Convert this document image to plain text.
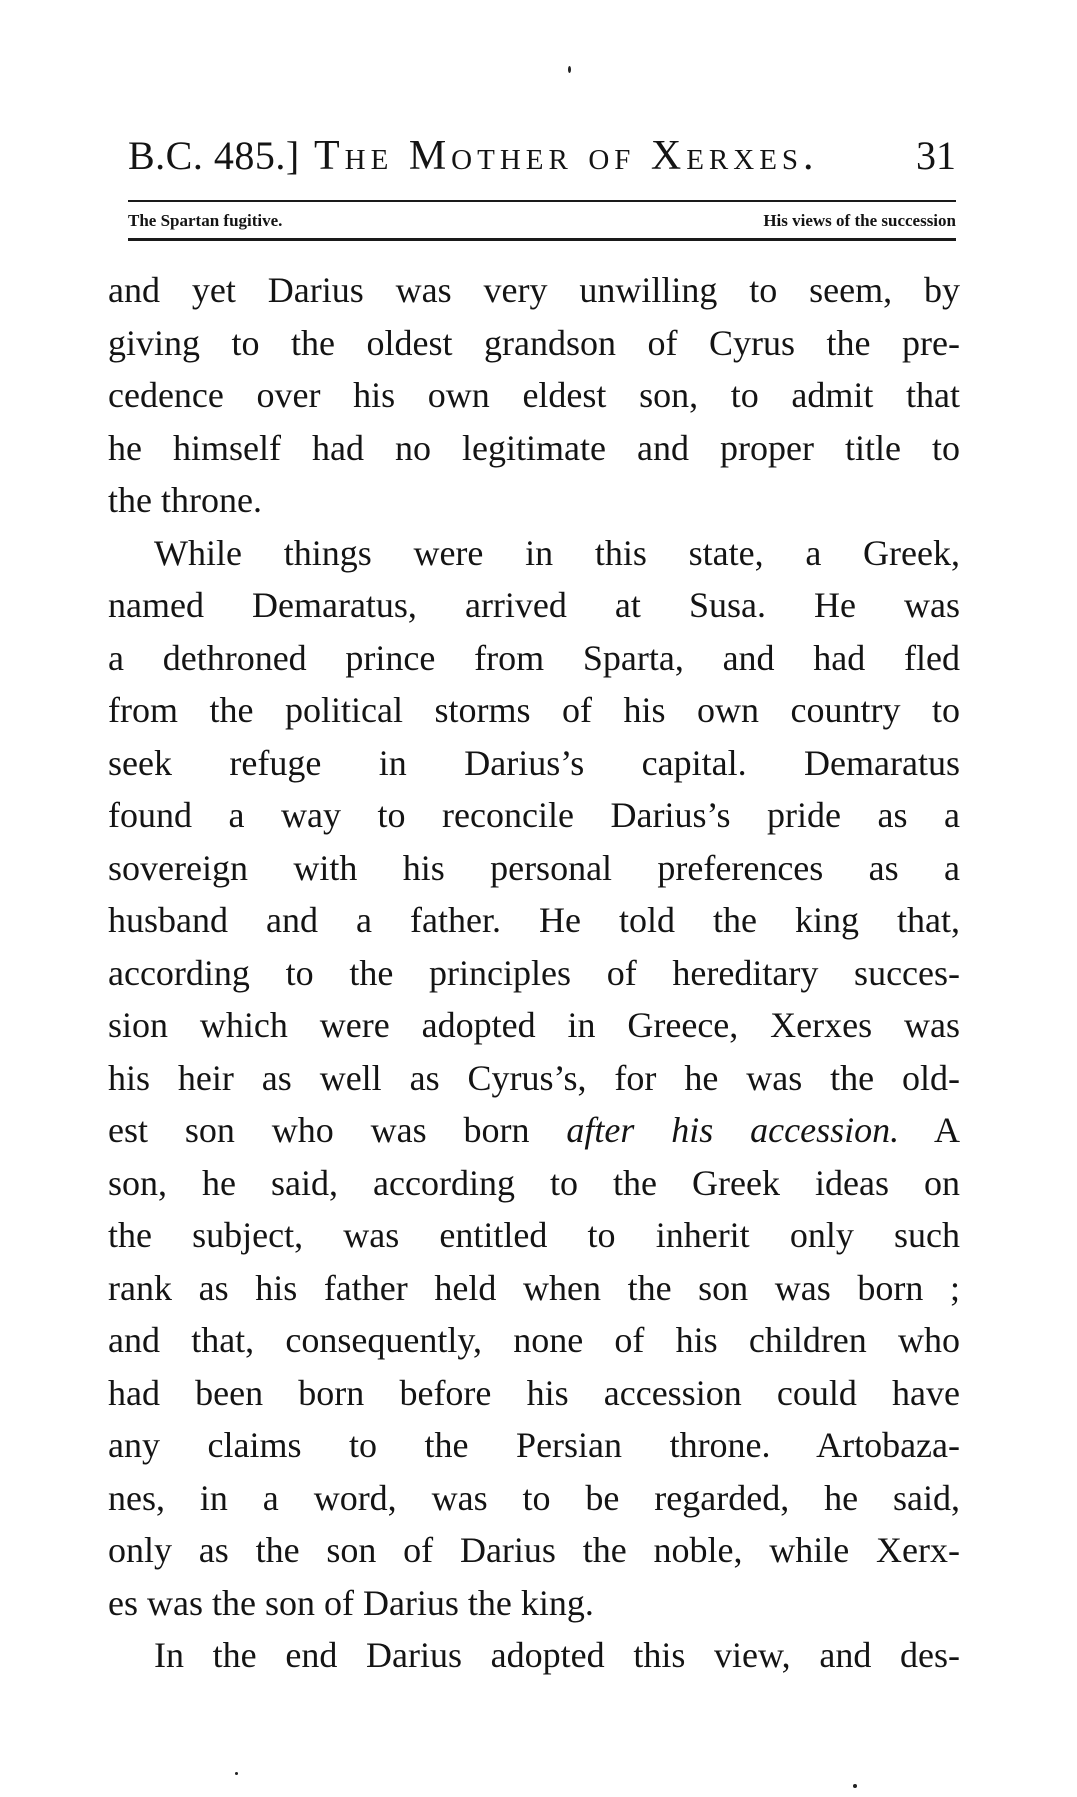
B.C. 485.] The Mother of Xerxes. 31
The Spartan fugitive.	His views of the succession
and yet Darius was very unwilling to seem, by
giving to the oldest grandson of Cyrus the pre-
cedence over his own eldest son, to admit that
he himself had no legitimate and proper title to
the throne.
While things were in this state, a Greek,
named Demaratus, arrived at Susa. He was
a dethroned prince from Sparta, and had fled
from the political storms of his own country to
seek refuge in Darius’s capital. Demaratus
found a way to reconcile Darius’s pride as a
sovereign with his personal preferences as a
husband and a father. He told the king that,
according to the principles of hereditary succes-
sion which were adopted in Greece, Xerxes was
his heir as well as Cyrus’s, for he was the old-
est son who was born after his accession. A
son, he said, according to the Greek ideas on
the subject, was entitled to inherit only such
rank as his father held when the son was born ;
and that, consequently, none of his children who
had been born before his accession could have
any claims to the Persian throne. Artobaza-
nes, in a word, was to be regarded, he said,
only as the son of Darius the noble, while Xerx-
es was the son of Darius the king.
In the end Darius adopted this view, and des-
